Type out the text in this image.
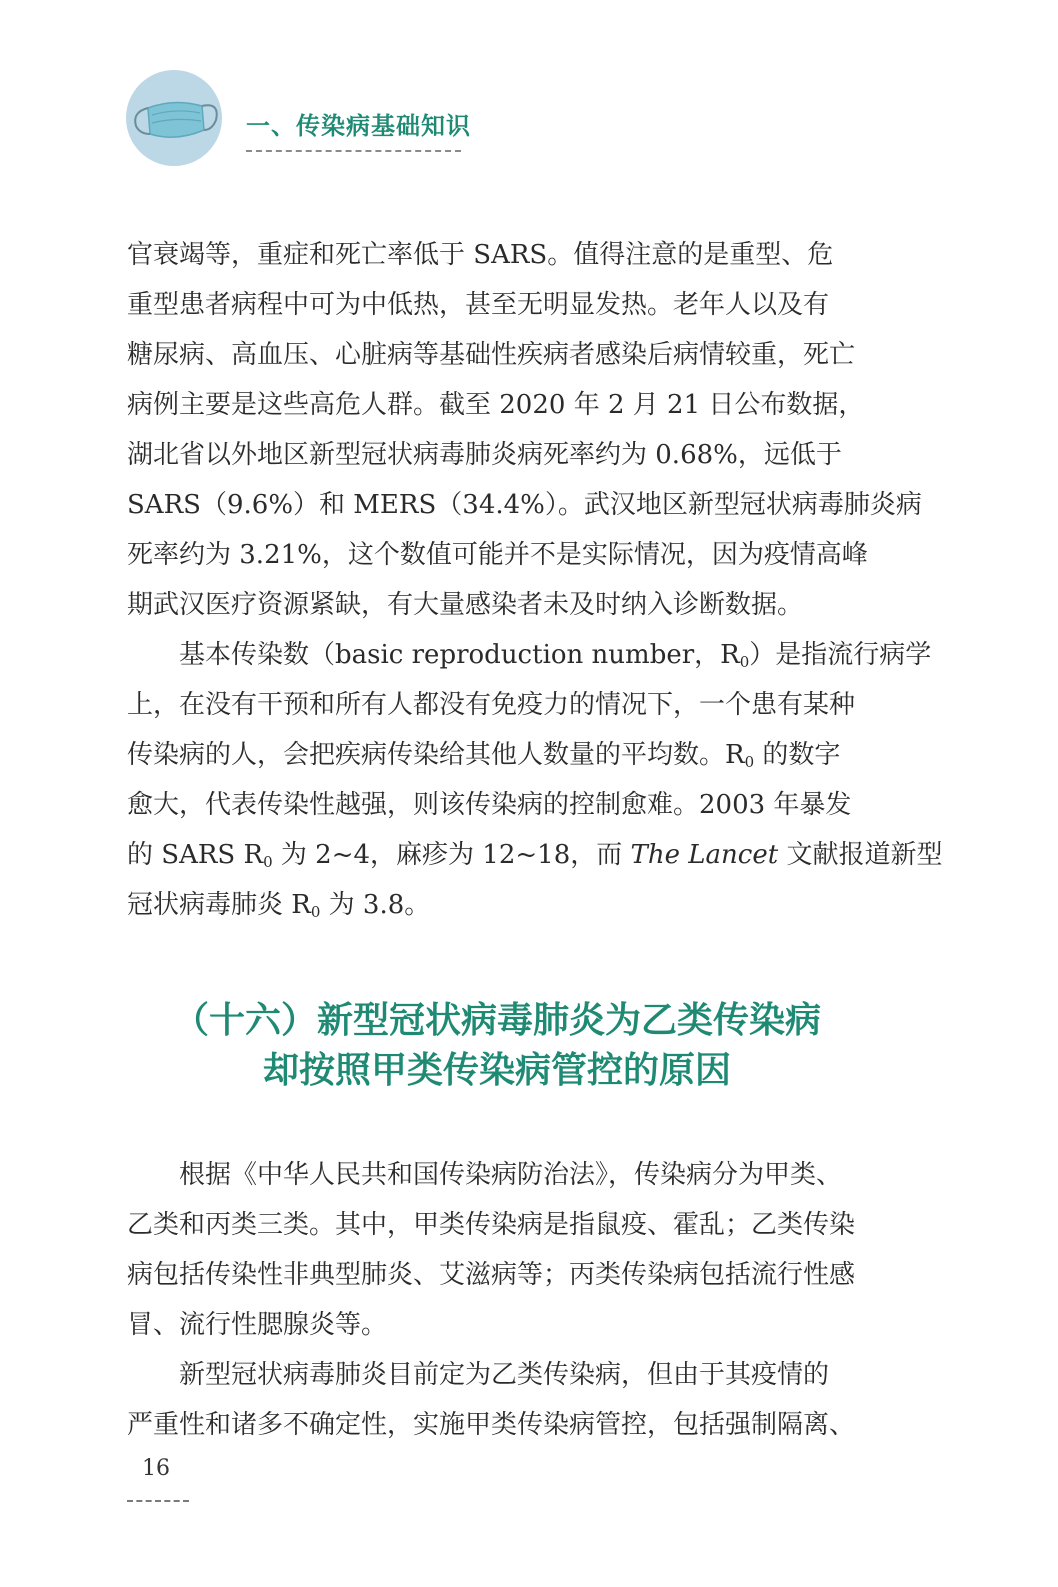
一、传染病基础知识

官衰竭等，重症和死亡率低于 SARS。值得注意的是重型、危
重型患者病程中可为中低热，甚至无明显发热。老年人以及有
糖尿病、高血压、心脏病等基础性疾病者感染后病情较重，死亡
病例主要是这些高危人群。截至 2020 年 2 月 21 日公布数据，
湖北省以外地区新型冠状病毒肺炎病死率约为 0.68%，远低于
SARS（9.6%）和 MERS（34.4%）。武汉地区新型冠状病毒肺炎病
死率约为 3.21%，这个数值可能并不是实际情况，因为疫情高峰
期武汉医疗资源紧缺，有大量感染者未及时纳入诊断数据。

基本传染数（basic reproduction number，$R_0$）是指流行病学
上，在没有干预和所有人都没有免疫力的情况下，一个患有某种
传染病的人，会把疾病传染给其他人数量的平均数。$R_0$ 的数字
愈大，代表传染性越强，则该传染病的控制愈难。2003 年暴发
的 SARS $R_0$ 为 2~4，麻疹为 12~18，而 The Lancet 文献报道新型
冠状病毒肺炎 $R_0$ 为 3.8。

（十六）新型冠状病毒肺炎为乙类传染病
却按照甲类传染病管控的原因

根据《中华人民共和国传染病防治法》，传染病分为甲类、
乙类和丙类三类。其中，甲类传染病是指鼠疫、霍乱；乙类传染
病包括传染性非典型肺炎、艾滋病等；丙类传染病包括流行性感
冒、流行性腮腺炎等。

新型冠状病毒肺炎目前定为乙类传染病，但由于其疫情的
严重性和诸多不确定性，实施甲类传染病管控，包括强制隔离、

16
